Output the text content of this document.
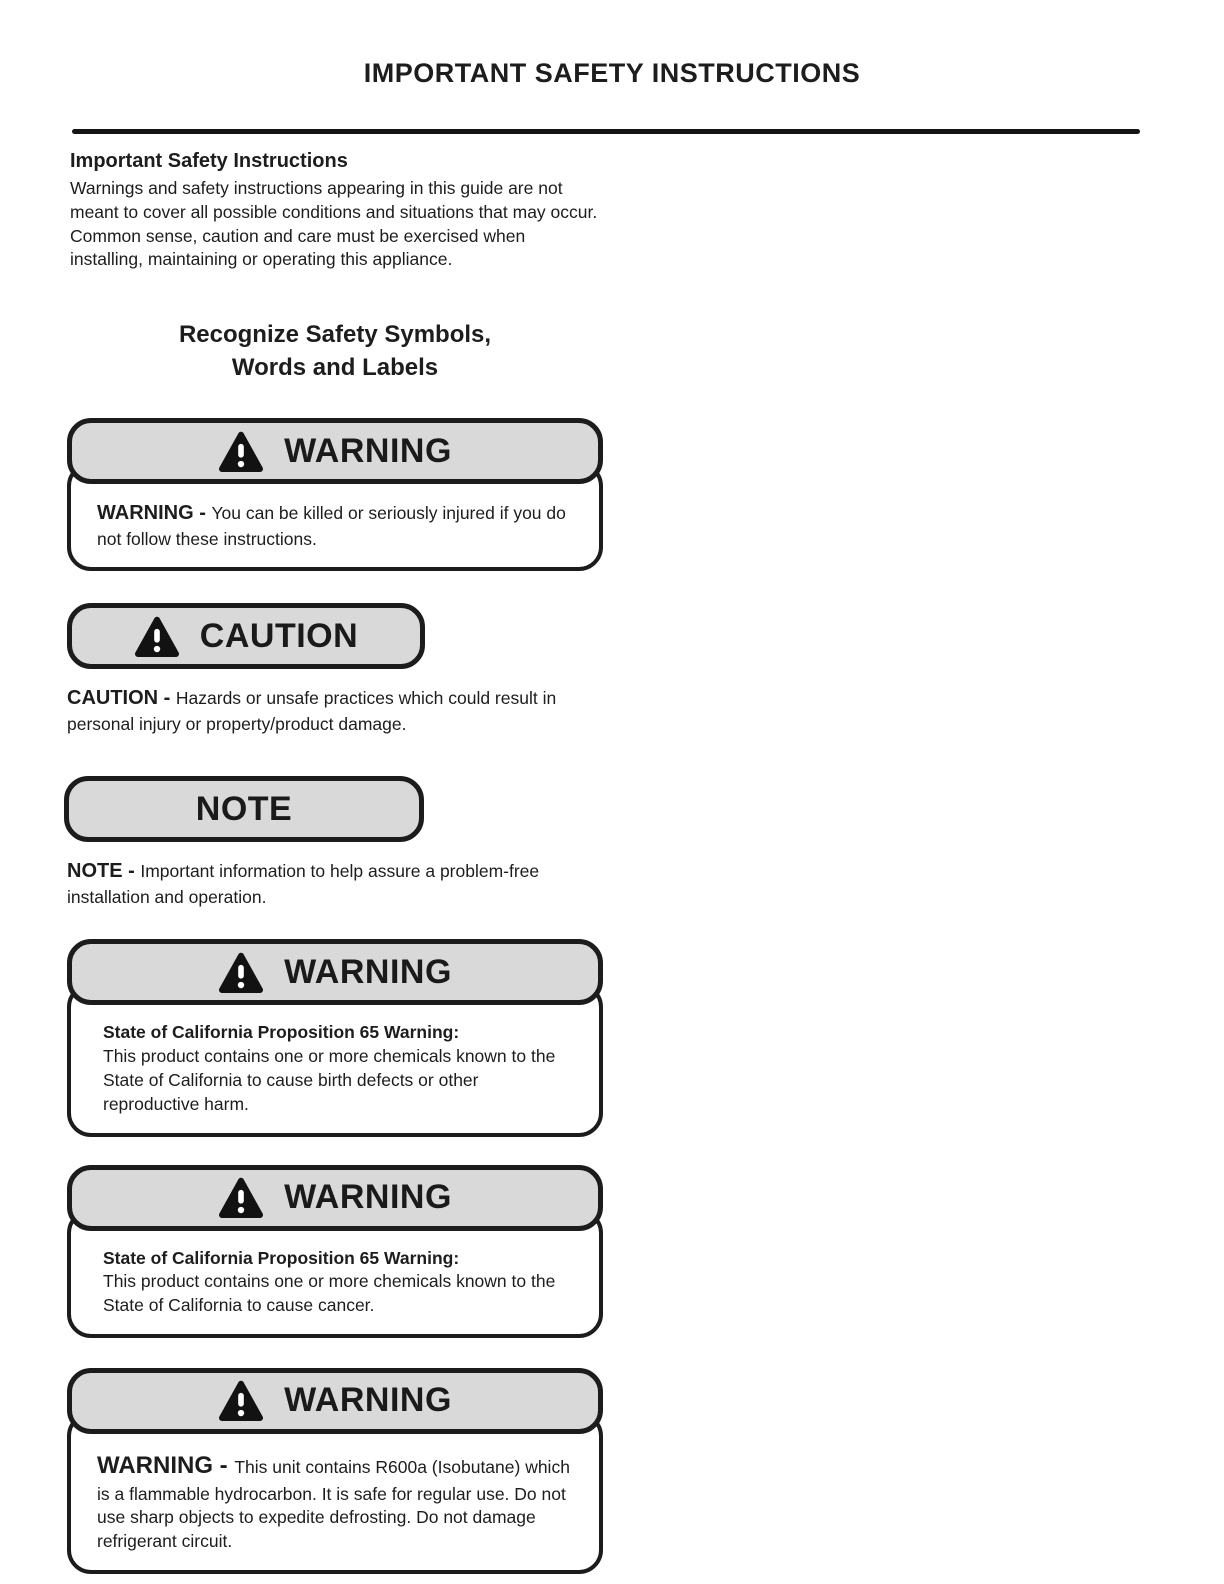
IMPORTANT SAFETY INSTRUCTIONS
Important Safety Instructions

Warnings and safety instructions appearing in this guide are not meant to cover all possible conditions and situations that may occur. Common sense, caution and care must be exercised when installing, maintaining or operating this appliance.

Recognize Safety Symbols,
Words and Labels
WARNING

WARNING - You can be killed or seriously injured if you do not follow these instructions.

CAUTION

CAUTION - Hazards or unsafe practices which could result in personal injury or property/product damage.

NOTE

NOTE - Important information to help assure a problem-free installation and operation.

WARNING

State of California Proposition 65 Warning:
This product contains one or more chemicals known to the State of California to cause birth defects or other reproductive harm.

WARNING

State of California Proposition 65 Warning:
This product contains one or more chemicals known to the State of California to cause cancer.

WARNING

WARNING - This unit contains R600a (Isobutane) which is a flammable hydrocarbon. It is safe for regular use. Do not use sharp objects to expedite defrosting. Do not damage refrigerant circuit.
